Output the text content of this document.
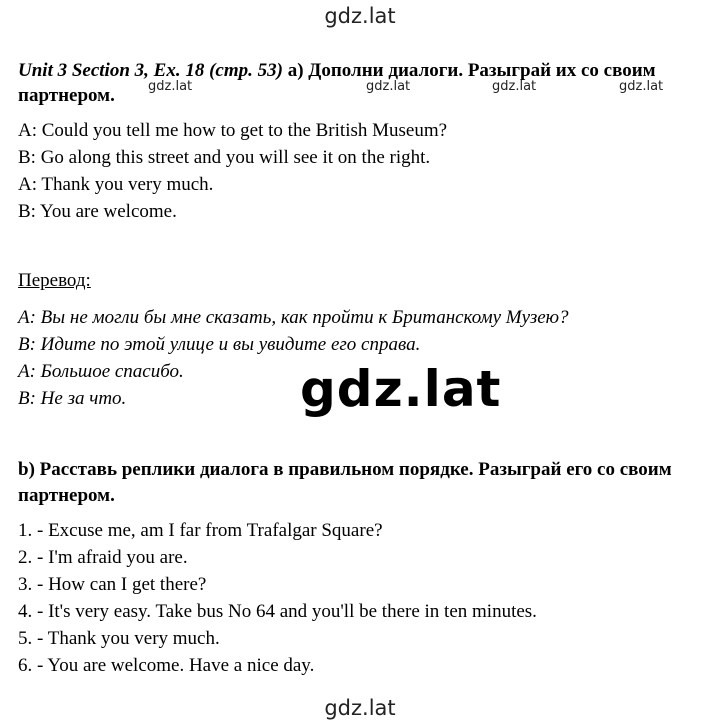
gdz.lat
Unit 3 Section 3, Ex. 18 (стр. 53) а) Дополни диалоги. Разыграй их со своим партнером.
A: Could you tell me how to get to the British Museum?
B: Go along this street and you will see it on the right.
A: Thank you very much.
B: You are welcome.
Перевод:
А: Вы не могли бы мне сказать, как пройти к Британскому Музею?
В: Идите по этой улице и вы увидите его справа.
А: Большое спасибо.
В: Не за что.
b) Расставь реплики диалога в правильном порядке. Разыграй его со своим партнером.
1. - Excuse me, am I far from Trafalgar Square?
2. - I'm afraid you are.
3. - How can I get there?
4. - It's very easy. Take bus No 64 and you'll be there in ten minutes.
5. - Thank you very much.
6. - You are welcome. Have a nice day.
gdz.lat	gdz.lat	gdz.lat	gdz.lat
gdz.lat
gdz.lat
